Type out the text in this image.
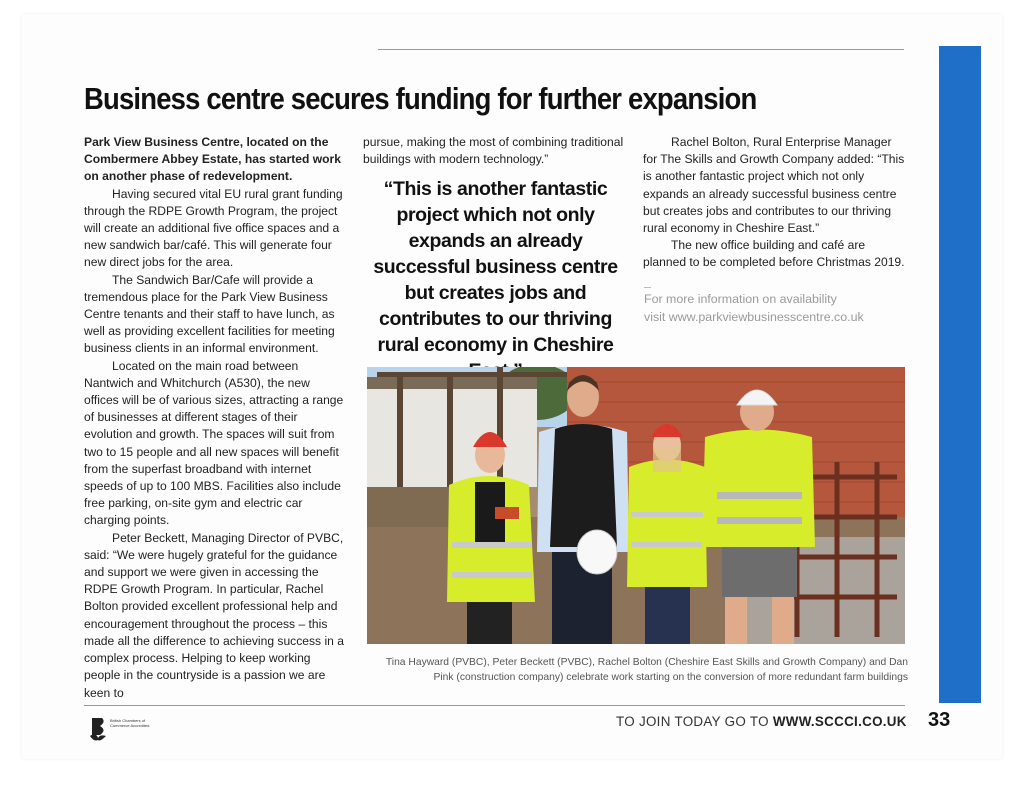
Business centre secures funding for further expansion

Park View Business Centre, located on the Combermere Abbey Estate, has started work on another phase of redevelopment.

Having secured vital EU rural grant funding through the RDPE Growth Program, the project will create an additional five office spaces and a new sandwich bar/café. This will generate four new direct jobs for the area.

The Sandwich Bar/Cafe will provide a tremendous place for the Park View Business Centre tenants and their staff to have lunch, as well as providing excellent facilities for meeting business clients in an informal environment.

Located on the main road between Nantwich and Whitchurch (A530), the new offices will be of various sizes, attracting a range of businesses at different stages of their evolution and growth. The spaces will suit from two to 15 people and all new spaces will benefit from the superfast broadband with internet speeds of up to 100 MBS. Facilities also include free parking, on-site gym and electric car charging points.

Peter Beckett, Managing Director of PVBC, said: “We were hugely grateful for the guidance and support we were given in accessing the RDPE Growth Program. In particular, Rachel Bolton provided excellent professional help and encouragement throughout the process – this made all the difference to achieving success in a complex process. Helping to keep working people in the countryside is a passion we are keen to

pursue, making the most of combining traditional buildings with modern technology.”

“This is another fantastic project which not only expands an already successful business centre but creates jobs and contributes to our thriving rural economy in Cheshire

Rachel Bolton, Rural Enterprise Manager for The Skills and Growth Company added: “This is another fantastic project which not only expands an already successful business centre but creates jobs and contributes to our thriving rural economy in Cheshire East.”

The new office building and café are planned to be completed before Christmas 2019.

For more information on availability
visit www.parkviewbusinesscentre.co.uk
Tina Hayward (PVBC), Peter Beckett (PVBC), Rachel Bolton (Cheshire East Skills and Growth Company) and Dan Pink (construction company) celebrate work starting on the conversion of more redundant farm buildings
British Chambers of Commerce Accredited	TO JOIN TODAY GO TO WWW.SCCCI.CO.UK 33
